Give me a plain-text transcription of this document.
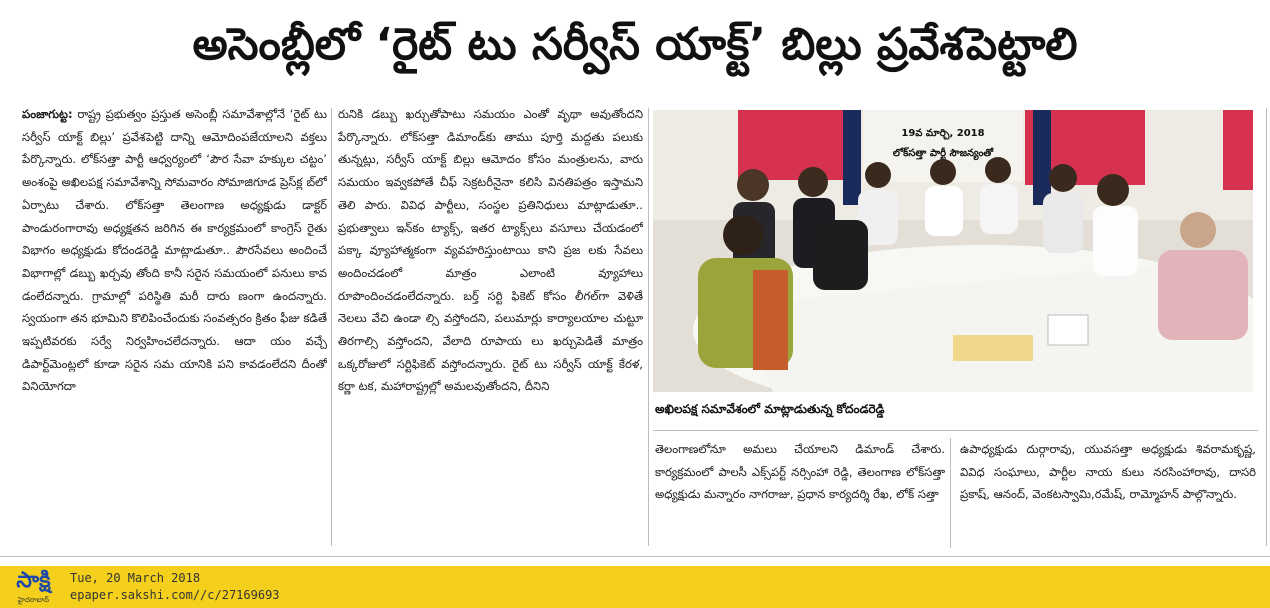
అసెంబ్లీలో ‘రైట్ టు సర్వీస్ యాక్ట్’ బిల్లు ప్రవేశపెట్టాలి
పంజాగుట్ట: రాష్ట్ర ప్రభుత్వం ప్రస్తుత అసెంబ్లీ సమావేశాల్లోనే ‘రైట్ టు సర్వీస్ యాక్ట్ బిల్లు’ ప్రవేశపెట్టి దాన్ని ఆమోదింపజేయాలని వక్తలు పేర్కొన్నారు. లోక్‌సత్తా పార్టీ ఆధ్వర్యంలో ‘పౌర సేవా హక్కుల చట్టం’ అంశంపై అఖిలపక్ష సమావేశాన్ని సోమవారం సోమాజిగూడ ప్రెస్‌క్ల బ్‌లో ఏర్పాటు చేశారు. లోక్‌సత్తా తెలంగాణ అధ్యక్షుడు డాక్టర్ పాండురంగారావు అధ్యక్షతన జరిగిన ఈ కార్యక్రమంలో కాంగ్రెస్ రైతు విభాగం అధ్యక్షుడు కోదండరెడ్డి మాట్లాడుతూ.. పౌరసేవలు అందించే విభాగాల్లో డబ్బు ఖర్చవు తోంది కానీ సరైన సమయంలో పనులు కావ డంలేదన్నారు. గ్రామాల్లో పరిస్థితి మరీ దారు ణంగా ఉందన్నారు. స్వయంగా తన భూమిని కొలిపించేందుకు సంవత్సరం క్రితం ఫీజు కడితే ఇప్పటివరకు సర్వే నిర్వహించలేదన్నారు. ఆదా యం వచ్చే డిపార్ట్‌మెంట్లలో కూడా సరైన సమ యానికి పని కావడంలేదని దీంతో వినియోగదా
రునికి డబ్బు ఖర్చుతోపాటు సమయం ఎంతో వృథా అవుతోందని పేర్కొన్నారు. లోక్‌సత్తా డిమాండ్‌కు తాము పూర్తి మద్దతు పలుకు తున్నట్లు, సర్వీస్ యాక్ట్ బిల్లు ఆమోదం కోసం మంత్రులను, వారు సమయం ఇవ్వకపోతే చీఫ్ సెక్రటరీనైనా కలిసి వినతిపత్రం ఇస్తామని తెలి పారు. వివిధ పార్టీలు, సంస్థల ప్రతినిధులు మాట్లాడుతూ.. ప్రభుత్వాలు ఇన్‌కం ట్యాక్స్, ఇతర ట్యాక్స్‌లు వసూలు చేయడంలో పక్కా వ్యూహాత్మకంగా వ్యవహరిస్తుంటాయి కాని ప్రజ లకు సేవలు అందించడంలో మాత్రం ఎలాంటి వ్యూహాలు రూపొందించడంలేదన్నారు. బర్త్ సర్టి ఫికెట్ కోసం లీగల్‌గా వెళితే నెలలు వేచి ఉండా ల్సి వస్తోందని, పలుమార్లు కార్యాలయాల చుట్టూ తిరగాల్సి వస్తోందని, వేలాది రూపాయ లు ఖర్చుపెడితే మాత్రం ఒక్కరోజులో సర్టిఫికెట్ వస్తోందన్నారు. రైట్ టు సర్వీస్ యాక్ట్ కేరళ, కర్ణా టక, మహారాష్ట్రల్లో అమలవుతోందని, దీనిని
19వ మార్చి, 2018
లోక్‌సత్తా పార్టీ సౌజన్యంతో
అఖిలపక్ష సమావేశంలో మాట్లాడుతున్న కోదండరెడ్డి
తెలంగాణలోనూ అమలు చేయాలని డిమాండ్ చేశారు. కార్యక్రమంలో పాలసీ ఎక్స్‌పర్ట్ నర్సింహా రెడ్డి, తెలంగాణ లోక్‌సత్తా అధ్యక్షుడు మన్నారం నాగరాజు, ప్రధాన కార్యదర్శి రేఖ, లోక్ సత్తా
ఉపాధ్యక్షుడు దుర్గారావు, యువసత్తా అధ్యక్షుడు శివరామకృష్ణ, వివిధ సంఘాలు, పార్టీల నాయ కులు నరసింహారావు, దాసరి ప్రకాష్, ఆనంద్, వెంకటస్వామి,రమేష్, రామ్మోహన్ పాల్గొన్నారు.
సాక్షి
హైదరాబాద్
Tue, 20 March 2018
epaper.sakshi.com//c/27169693
